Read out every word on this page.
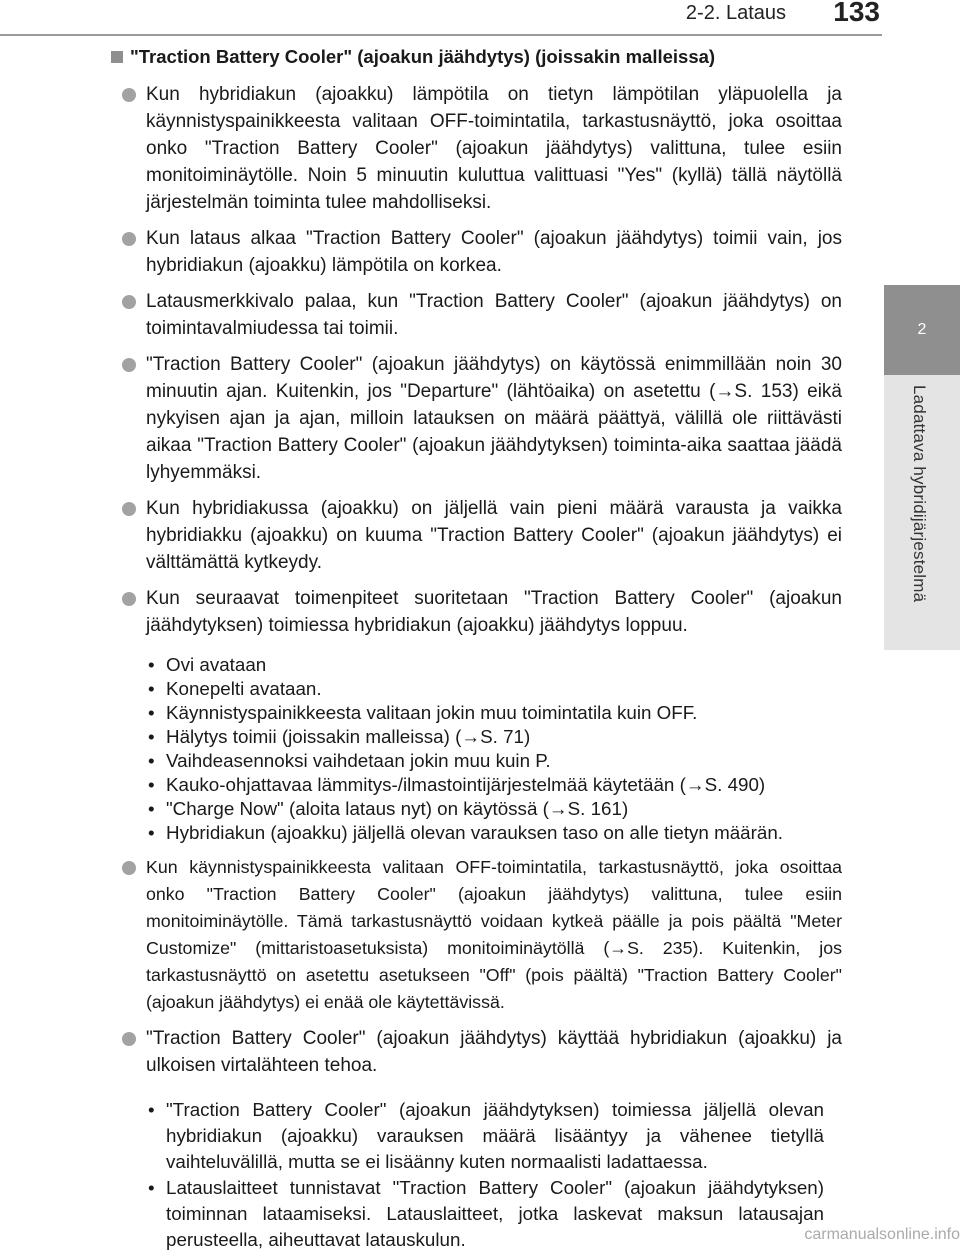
2-2. Lataus	133
2
Ladattava hybridijärjestelmä
"Traction Battery Cooler" (ajoakun jäähdytys) (joissakin malleissa)
Kun hybridiakun (ajoakku) lämpötila on tietyn lämpötilan yläpuolella ja käynnistyspainikkeesta valitaan OFF-toimintatila, tarkastusnäyttö, joka osoittaa onko "Traction Battery Cooler" (ajoakun jäähdytys) valittuna, tulee esiin monitoiminäytölle. Noin 5 minuutin kuluttua valittuasi "Yes" (kyllä) tällä näytöllä järjestelmän toiminta tulee mahdolliseksi.
Kun lataus alkaa "Traction Battery Cooler" (ajoakun jäähdytys) toimii vain, jos hybridiakun (ajoakku) lämpötila on korkea.
Latausmerkkivalo palaa, kun "Traction Battery Cooler" (ajoakun jäähdytys) on toimintavalmiudessa tai toimii.
"Traction Battery Cooler" (ajoakun jäähdytys) on käytössä enimmillään noin 30 minuutin ajan. Kuitenkin, jos "Departure" (lähtöaika) on asetettu (→S. 153) eikä nykyisen ajan ja ajan, milloin latauksen on määrä päättyä, välillä ole riittävästi aikaa "Traction Battery Cooler" (ajoakun jäähdytyksen) toiminta-aika saattaa jäädä lyhyemmäksi.
Kun hybridiakussa (ajoakku) on jäljellä vain pieni määrä varausta ja vaikka hybridiakku (ajoakku) on kuuma "Traction Battery Cooler" (ajoakun jäähdytys) ei välttämättä kytkeydy.
Kun seuraavat toimenpiteet suoritetaan "Traction Battery Cooler" (ajoakun jäähdytyksen) toimiessa hybridiakun (ajoakku) jäähdytys loppuu.
• Ovi avataan
• Konepelti avataan.
• Käynnistyspainikkeesta valitaan jokin muu toimintatila kuin OFF.
• Hälytys toimii (joissakin malleissa) (→S. 71)
• Vaihdeasennoksi vaihdetaan jokin muu kuin P.
• Kauko-ohjattavaa lämmitys-/ilmastointijärjestelmää käytetään (→S. 490)
• "Charge Now" (aloita lataus nyt) on käytössä (→S. 161)
• Hybridiakun (ajoakku) jäljellä olevan varauksen taso on alle tietyn määrän.
Kun käynnistyspainikkeesta valitaan OFF-toimintatila, tarkastusnäyttö, joka osoittaa onko "Traction Battery Cooler" (ajoakun jäähdytys) valittuna, tulee esiin monitoiminäytölle. Tämä tarkastusnäyttö voidaan kytkeä päälle ja pois päältä "Meter Customize" (mittaristoasetuksista) monitoiminäytöllä (→S. 235). Kuitenkin, jos tarkastusnäyttö on asetettu asetukseen "Off" (pois päältä) "Traction Battery Cooler" (ajoakun jäähdytys) ei enää ole käytettävissä.
"Traction Battery Cooler" (ajoakun jäähdytys) käyttää hybridiakun (ajoakku) ja ulkoisen virtalähteen tehoa.
• "Traction Battery Cooler" (ajoakun jäähdytyksen) toimiessa jäljellä olevan hybridiakun (ajoakku) varauksen määrä lisääntyy ja vähenee tietyllä vaihteluvälillä, mutta se ei lisäänny kuten normaalisti ladattaessa.
• Latauslaitteet tunnistavat "Traction Battery Cooler" (ajoakun jäähdytyksen) toiminnan lataamiseksi. Latauslaitteet, jotka laskevat maksun latausajan perusteella, aiheuttavat latauskulun.	carmanualsonline.info
